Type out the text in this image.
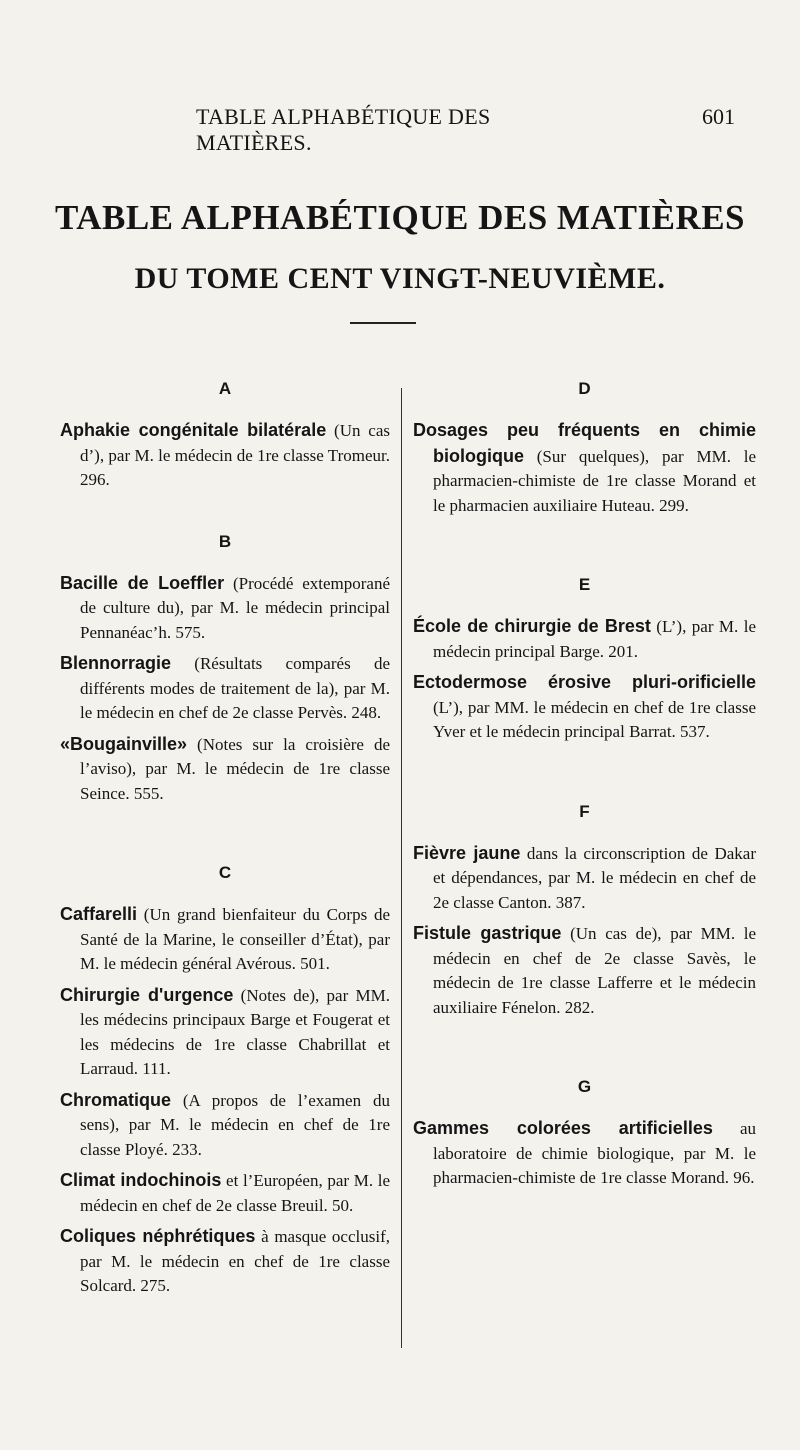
TABLE ALPHABÉTIQUE DES MATIÈRES.
601
TABLE ALPHABÉTIQUE DES MATIÈRES
DU TOME CENT VINGT-NEUVIÈME.
A

Aphakie congénitale bilatérale (Un cas d’), par M. le médecin de 1re classe Tromeur. 296.

B

Bacille de Loeffler (Procédé extemporané de culture du), par M. le médecin principal Pennanéac’h. 575.

Blennorragie (Résultats comparés de différents modes de traitement de la), par M. le médecin en chef de 2e classe Pervès. 248.

«Bougainville» (Notes sur la croisière de l’aviso), par M. le médecin de 1re classe Seince. 555.

C

Caffarelli (Un grand bienfaiteur du Corps de Santé de la Marine, le conseiller d’État), par M. le médecin général Avérous. 501.

Chirurgie d'urgence (Notes de), par MM. les médecins principaux Barge et Fougerat et les médecins de 1re classe Chabrillat et Larraud. 111.

Chromatique (A propos de l’examen du sens), par M. le médecin en chef de 1re classe Ployé. 233.

Climat indochinois et l’Européen, par M. le médecin en chef de 2e classe Breuil. 50.

Coliques néphrétiques à masque occlusif, par M. le médecin en chef de 1re classe Solcard. 275.

D

Dosages peu fréquents en chimie biologique (Sur quelques), par MM. le pharmacien-chimiste de 1re classe Morand et le pharmacien auxiliaire Huteau. 299.

E

École de chirurgie de Brest (L’), par M. le médecin principal Barge. 201.

Ectodermose érosive pluri-orificielle (L’), par MM. le médecin en chef de 1re classe Yver et le médecin principal Barrat. 537.

F

Fièvre jaune dans la circonscription de Dakar et dépendances, par M. le médecin en chef de 2e classe Canton. 387.

Fistule gastrique (Un cas de), par MM. le médecin en chef de 2e classe Savès, le médecin de 1re classe Lafferre et le médecin auxiliaire Fénelon. 282.

G

Gammes colorées artificielles au laboratoire de chimie biologique, par M. le pharmacien-chimiste de 1re classe Morand. 96.
